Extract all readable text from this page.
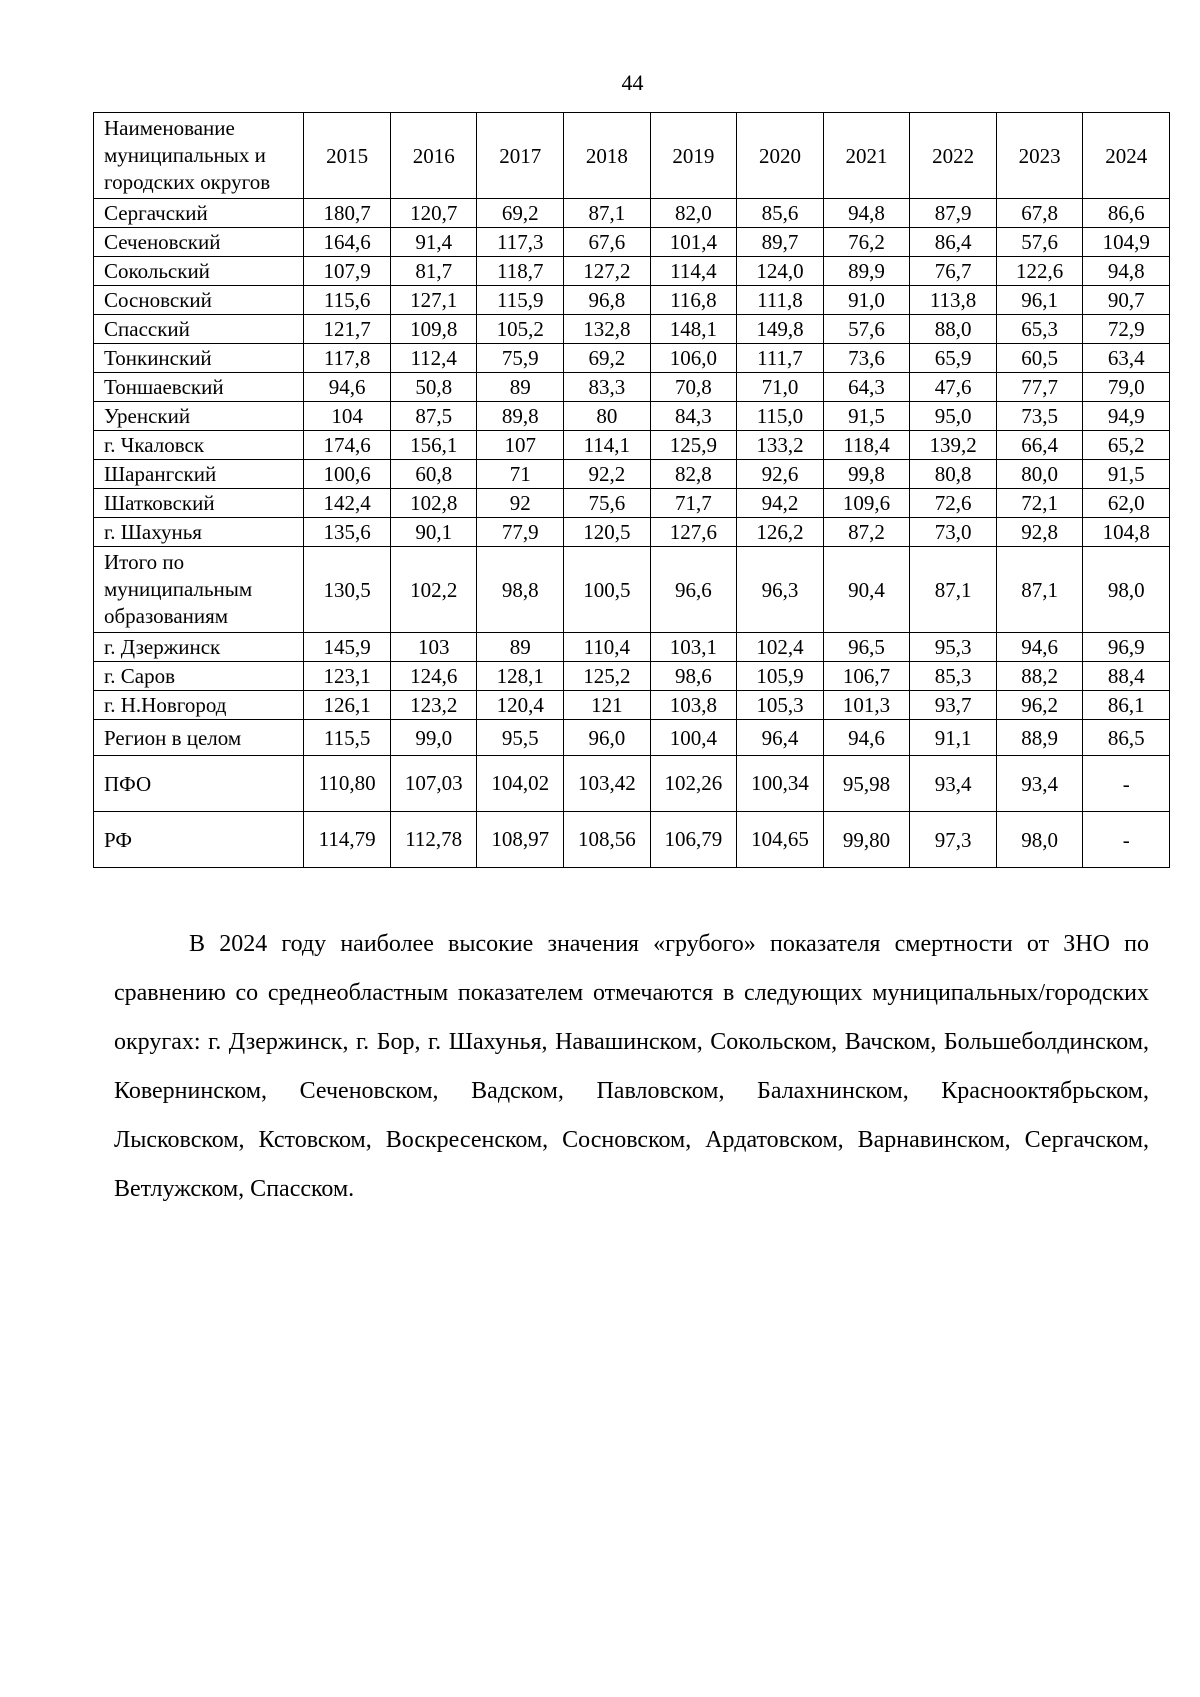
44
Наименование муниципальных и городских округов	2015	2016	2017	2018	2019	2020	2021	2022	2023	2024
Сергачский	180,7	120,7	69,2	87,1	82,0	85,6	94,8	87,9	67,8	86,6
Сеченовский	164,6	91,4	117,3	67,6	101,4	89,7	76,2	86,4	57,6	104,9
Сокольский	107,9	81,7	118,7	127,2	114,4	124,0	89,9	76,7	122,6	94,8
Сосновский	115,6	127,1	115,9	96,8	116,8	111,8	91,0	113,8	96,1	90,7
Спасский	121,7	109,8	105,2	132,8	148,1	149,8	57,6	88,0	65,3	72,9
Тонкинский	117,8	112,4	75,9	69,2	106,0	111,7	73,6	65,9	60,5	63,4
Тоншаевский	94,6	50,8	89	83,3	70,8	71,0	64,3	47,6	77,7	79,0
Уренский	104	87,5	89,8	80	84,3	115,0	91,5	95,0	73,5	94,9
г. Чкаловск	174,6	156,1	107	114,1	125,9	133,2	118,4	139,2	66,4	65,2
Шарангский	100,6	60,8	71	92,2	82,8	92,6	99,8	80,8	80,0	91,5
Шатковский	142,4	102,8	92	75,6	71,7	94,2	109,6	72,6	72,1	62,0
г. Шахунья	135,6	90,1	77,9	120,5	127,6	126,2	87,2	73,0	92,8	104,8
Итого по муниципальным образованиям	130,5	102,2	98,8	100,5	96,6	96,3	90,4	87,1	87,1	98,0
г. Дзержинск	145,9	103	89	110,4	103,1	102,4	96,5	95,3	94,6	96,9
г. Саров	123,1	124,6	128,1	125,2	98,6	105,9	106,7	85,3	88,2	88,4
г. Н.Новгород	126,1	123,2	120,4	121	103,8	105,3	101,3	93,7	96,2	86,1
Регион в целом	115,5	99,0	95,5	96,0	100,4	96,4	94,6	91,1	88,9	86,5
ПФО	110,80	107,03	104,02	103,42	102,26	100,34	95,98	93,4	93,4	-
РФ	114,79	112,78	108,97	108,56	106,79	104,65	99,80	97,3	98,0	-

В 2024 году наиболее высокие значения «грубого» показателя смертности от ЗНО по сравнению со среднеобластным показателем отмечаются в следующих муниципальных/городских округах: г. Дзержинск, г. Бор, г. Шахунья, Навашинском, Сокольском, Вачском, Большеболдинском, Ковернинском, Сеченовском, Вадском, Павловском, Балахнинском, Краснооктябрьском, Лысковском, Кстовском, Воскресенском, Сосновском, Ардатовском, Варнавинском, Сергачском, Ветлужском, Спасском.
